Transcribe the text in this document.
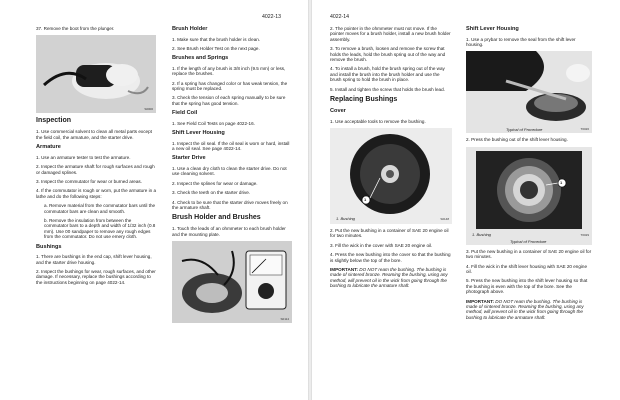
4022-13

37. Remove the boot from the plunger.

S0000
Inspection

1. Use commercial solvent to clean all metal parts except the field coil, the armature, and the starter drive.

Armature

1. Use an armature tester to test the armature.

2. Inspect the armature shaft for rough surfaces and rough or damaged splines.

3. Inspect the commutator for wear or burned areas.

4. If the commutator is rough or worn, put the armature in a lathe and do the following steps:

a. Remove material from the commutator bars until the commutator bars are clean and smooth.

b. Remove the insulation from between the commutator bars to a depth and width of 1/32 inch (0.8 mm). Use 00 sandpaper to remove any rough edges from the commutator. Do not use emery cloth.

Bushings

1. There are bushings in the end cap, shift lever housing, and the starter drive housing.

2. Inspect the bushings for wear, rough surfaces, and other damage. If necessary, replace the bushings according to the instructions beginning on page 4022-14.

Brush Holder

1. Make sure that the brush holder is clean.

2. See Brush Holder Test on the next page.

Brushes and Springs

1. If the length of any brush is 3/8 inch (9.5 mm) or less, replace the brushes.

2. If a spring has changed color or has weak tension, the spring must be replaced.

3. Check the tension of each spring manually to be sure that the spring has good tension.

Field Coil

1. See Field Coil Tests on page 4022-16.

Shift Lever Housing

1. Inspect the oil seal. If the oil seal is worn or hard, install a new oil seal. See page 4022-14.

Starter Drive

1. Use a clean dry cloth to clean the starter drive. Do not use cleaning solvent.

2. Inspect the splines for wear or damage.

3. Check the teeth on the starter drive.

4. Check to be sure that the starter drive moves freely on the armature shaft.

Brush Holder and Brushes

1. Touch the leads of an ohmmeter to each brush holder and the mounting plate.

S0114
4022-14

2. The pointer in the ohmmeter must not move. If the pointer moves for a brush holder, install a new brush holder assembly.

3. To remove a brush, loosen and remove the screw that holds the leads, hold the brush spring out of the way and remove the brush.

4. To install a brush, hold the brush spring out of the way and install the brush into the brush holder and use the brush spring to hold the brush in place.

5. Install and tighten the screw that holds the brush lead.

Replacing Bushings
Cover

1. Use acceptable tools to remove the bushing.

1
1. Bushing	S0148

2. Put the new bushing in a container of SAE 20 engine oil for two minutes.

3. Fill the wick in the cover with SAE 20 engine oil.

4. Press the new bushing into the cover so that the bushing is slightly below the top of the bore.

IMPORTANT: DO NOT ream the bushing. The bushing is made of sintered bronze. Reaming the bushing, using any method, will prevent oil in the wick from going through the bushing to lubricate the armature shaft.

Shift Lever Housing

1. Use a prybar to remove the seal from the shift lever housing.

Typical of Procedure	T0026

2. Press the bushing out of the shift lever housing.

1
1. Bushing
Typical of Procedure
T0029

3. Put the new bushing in a container of SAE 20 engine oil for two minutes.

4. Fill the wick in the shift lever housing with SAE 20 engine oil.

5. Press the new bushing into the shift lever housing so that the bushing is even with the top of the bore. See the photograph above.

IMPORTANT: DO NOT ream the bushing. The bushing is made of sintered bronze. Reaming the bushing, using any method, will prevent oil in the wick from going through the bushing to lubricate the armature shaft.
